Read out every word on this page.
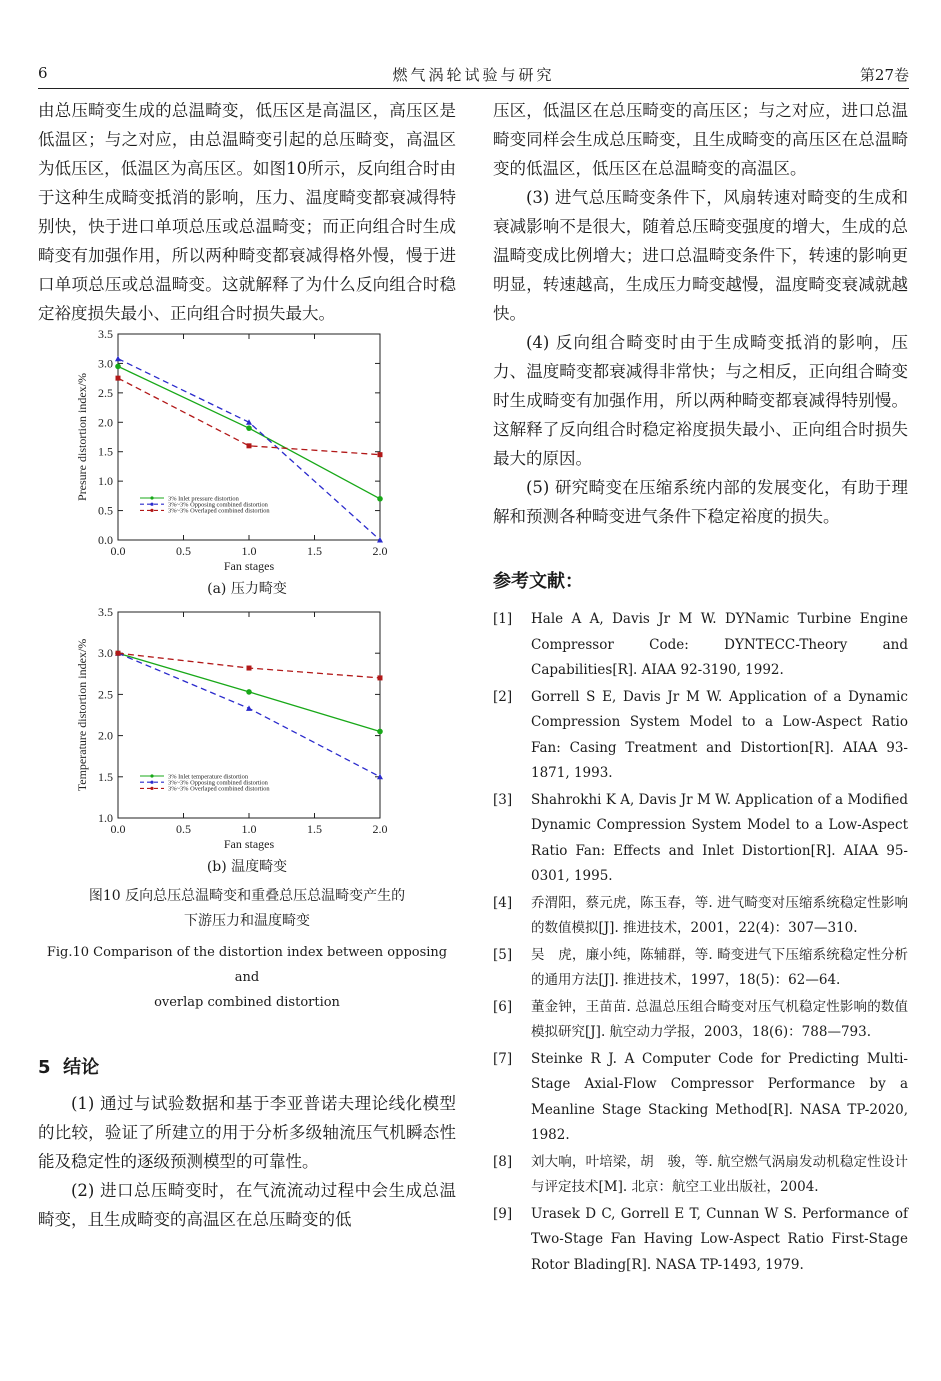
6	燃气涡轮试验与研究	第27卷

由总压畸变生成的总温畸变，低压区是高温区，高压区是低温区；与之对应，由总温畸变引起的总压畸变，高温区为低压区，低温区为高压区。如图10所示，反向组合时由于这种生成畸变抵消的影响，压力、温度畸变都衰减得特别快，快于进口单项总压或总温畸变；而正向组合时生成畸变有加强作用，所以两种畸变都衰减得格外慢，慢于进口单项总压或总温畸变。这就解释了为什么反向组合时稳定裕度损失最小、正向组合时损失最大。

0.0	0.5	1.0	1.5	2.0
0.0
0.5
1.0
1.5
2.0
2.5
3.0
3.5
Fan stages
Presure distortion index/%	3% Inlet pressure distortion
3%~3% Opposing combined distortion
3%~3% Overlaped combined distortion
(a) 压力畸变
0.0	0.5	1.0	1.5	2.0
1.0
1.5
2.0
2.5
3.0
3.5
Fan stages
Temperature distortion index/%	3% Inlet temperature distortion
3%~3% Opposing combined distortion
3%~3% Overlaped combined distortion
(b) 温度畸变
图10 反向总压总温畸变和重叠总压总温畸变产生的
下游压力和温度畸变
Fig.10 Comparison of the distortion index between opposing and
overlap combined distortion
5 结论

(1) 通过与试验数据和基于李亚普诺夫理论线化模型的比较，验证了所建立的用于分析多级轴流压气机瞬态性能及稳定性的逐级预测模型的可靠性。

(2) 进口总压畸变时，在气流流动过程中会生成总温畸变，且生成畸变的高温区在总压畸变的低

压区，低温区在总压畸变的高压区；与之对应，进口总温畸变同样会生成总压畸变，且生成畸变的高压区在总温畸变的低温区，低压区在总温畸变的高温区。

(3) 进气总压畸变条件下，风扇转速对畸变的生成和衰减影响不是很大，随着总压畸变强度的增大，生成的总温畸变成比例增大；进口总温畸变条件下，转速的影响更明显，转速越高，生成压力畸变越慢，温度畸变衰减就越快。

(4) 反向组合畸变时由于生成畸变抵消的影响，压力、温度畸变都衰减得非常快；与之相反，正向组合畸变时生成畸变有加强作用，所以两种畸变都衰减得特别慢。这解释了反向组合时稳定裕度损失最小、正向组合时损失最大的原因。

(5) 研究畸变在压缩系统内部的发展变化，有助于理解和预测各种畸变进气条件下稳定裕度的损失。

参考文献：
[1]	Hale A A, Davis Jr M W. DYNamic Turbine Engine Compressor Code: DYNTECC-Theory and Capabilities[R]. AIAA 92-3190, 1992.
[2]	Gorrell S E, Davis Jr M W. Application of a Dynamic Compression System Model to a Low-Aspect Ratio Fan: Casing Treatment and Distortion[R]. AIAA 93-1871, 1993.
[3]	Shahrokhi K A, Davis Jr M W. Application of a Modified Dynamic Compression System Model to a Low-Aspect Ratio Fan: Effects and Inlet Distortion[R]. AIAA 95-0301, 1995.
[4]	乔渭阳，蔡元虎，陈玉春，等. 进气畸变对压缩系统稳定性影响的数值模拟[J]. 推进技术，2001，22(4)：307—310.
[5]	吴　虎，廉小纯，陈辅群，等. 畸变进气下压缩系统稳定性分析的通用方法[J]. 推进技术，1997，18(5)：62—64.
[6]	董金钟，王苗苗. 总温总压组合畸变对压气机稳定性影响的数值模拟研究[J]. 航空动力学报，2003，18(6)：788—793.
[7]	Steinke R J. A Computer Code for Predicting Multi-Stage Axial-Flow Compressor Performance by a Meanline Stage Stacking Method[R]. NASA TP-2020, 1982.
[8]	刘大响，叶培梁，胡　骏，等. 航空燃气涡扇发动机稳定性设计与评定技术[M]. 北京：航空工业出版社，2004.
[9]	Urasek D C, Gorrell E T, Cunnan W S. Performance of Two-Stage Fan Having Low-Aspect Ratio First-Stage Rotor Blading[R]. NASA TP-1493, 1979.
